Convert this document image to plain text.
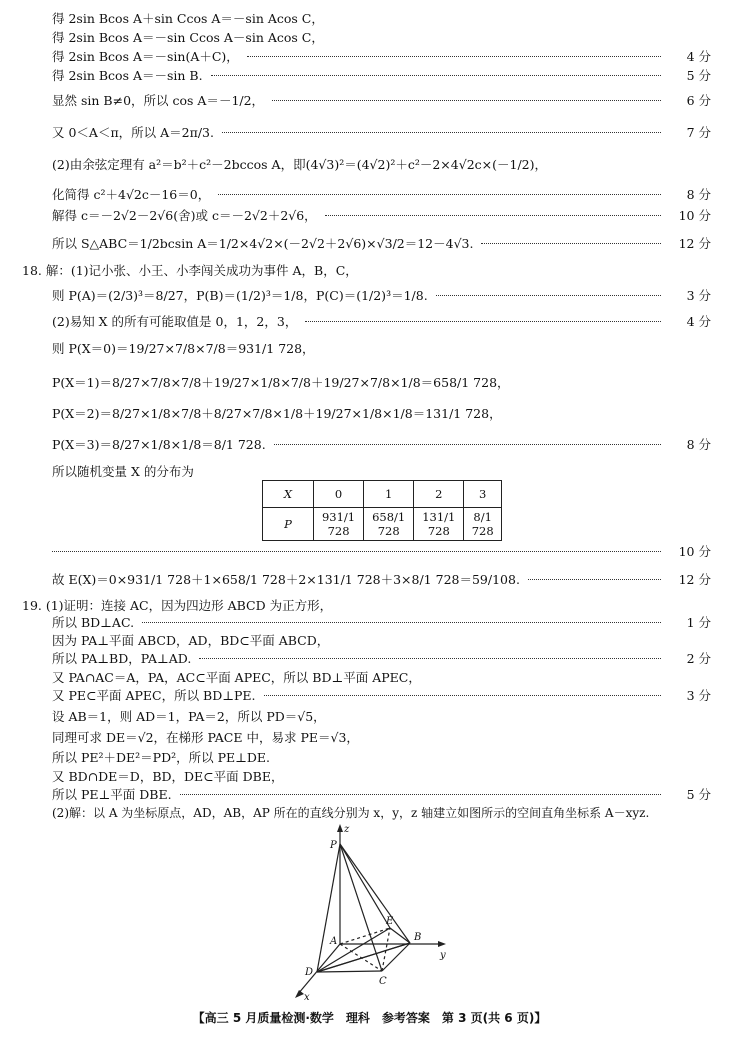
得 2sin Bcos A＋sin Ccos A＝－sin Acos C，
得 2sin Bcos A＝－sin Ccos A－sin Acos C，
得 2sin Bcos A＝－sin(A＋C)，	4 分
得 2sin Bcos A＝－sin B.	5 分
显然 sin B≠0，所以 cos A＝－1/2，	6 分
又 0＜A＜π，所以 A＝2π/3.	7 分
(2)由余弦定理有 a²＝b²＋c²－2bccos A，即(4√3)²＝(4√2)²＋c²－2×4√2c×(－1/2)，
化简得 c²＋4√2c－16＝0，	8 分
解得 c＝－2√2－2√6(舍)或 c＝－2√2＋2√6，	10 分
所以 S△ABC＝1/2bcsin A＝1/2×4√2×(－2√2＋2√6)×√3/2＝12－4√3.	12 分
18. 解：(1)记小张、小王、小李闯关成功为事件 A，B，C，
则 P(A)＝(2/3)³＝8/27，P(B)＝(1/2)³＝1/8，P(C)＝(1/2)³＝1/8.	3 分
(2)易知 X 的所有可能取值是 0，1，2，3，	4 分
则 P(X＝0)＝19/27×7/8×7/8＝931/1 728，
P(X＝1)＝8/27×7/8×7/8＋19/27×1/8×7/8＋19/27×7/8×1/8＝658/1 728，
P(X＝2)＝8/27×1/8×7/8＋8/27×7/8×1/8＋19/27×1/8×1/8＝131/1 728，
P(X＝3)＝8/27×1/8×1/8＝8/1 728.	8 分
所以随机变量 X 的分布为
X	0	1	2	3
P	931/1 728	658/1 728	131/1 728	8/1 728
10 分
故 E(X)＝0×931/1 728＋1×658/1 728＋2×131/1 728＋3×8/1 728＝59/108.	12 分
19. (1)证明：连接 AC，因为四边形 ABCD 为正方形，
所以 BD⊥AC.	1 分
因为 PA⊥平面 ABCD，AD，BD⊂平面 ABCD，
所以 PA⊥BD，PA⊥AD.	2 分
又 PA∩AC＝A，PA，AC⊂平面 APEC，所以 BD⊥平面 APEC，
又 PE⊂平面 APEC，所以 BD⊥PE.	3 分
设 AB＝1，则 AD＝1，PA＝2，所以 PD＝√5，
同理可求 DE＝√2，在梯形 PACE 中，易求 PE＝√3，
所以 PE²＋DE²＝PD²，所以 PE⊥DE.
又 BD∩DE＝D，BD，DE⊂平面 DBE，
所以 PE⊥平面 DBE.	5 分
(2)解：以 A 为坐标原点，AD，AB，AP 所在的直线分别为 x，y，z 轴建立如图所示的空间直角坐标系 A－xyz.
z
y
x
P
E
A	B
C
D
【高三 5 月质量检测·数学　理科　参考答案　第 3 页(共 6 页)】
